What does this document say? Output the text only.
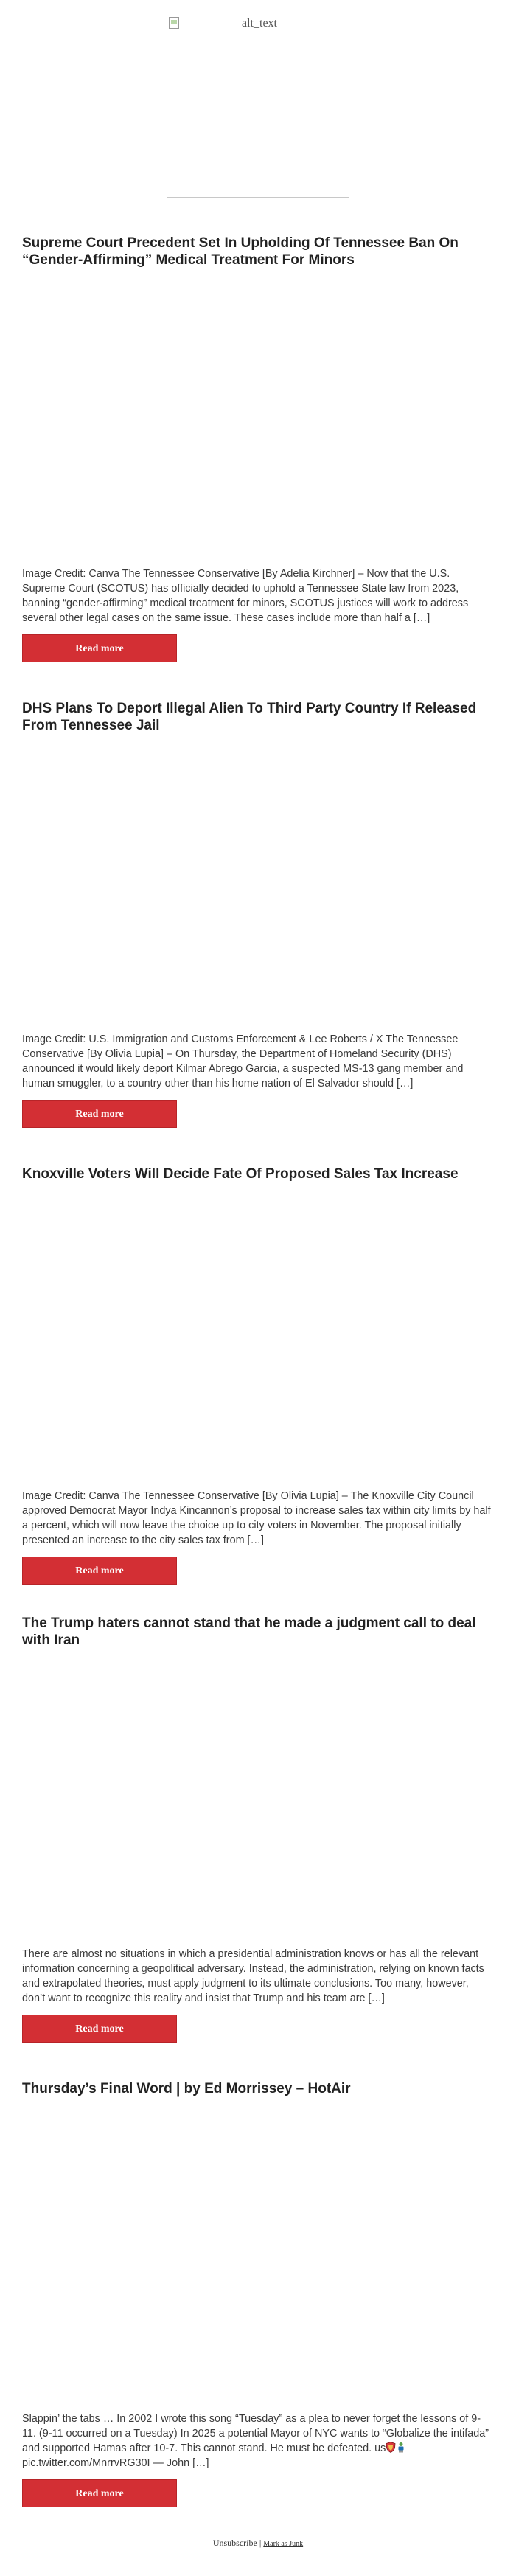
alt_text
Supreme Court Precedent Set In Upholding Of Tennessee Ban On “Gender-Affirming” Medical Treatment For Minors

Image Credit: Canva The Tennessee Conservative [By Adelia Kirchner] – Now that the U.S. Supreme Court (SCOTUS) has officially decided to uphold a Tennessee State law from 2023, banning “gender-affirming” medical treatment for minors, SCOTUS justices will work to address several other legal cases on the same issue. These cases include more than half a […]

Read more
DHS Plans To Deport Illegal Alien To Third Party Country If Released From Tennessee Jail

Image Credit: U.S. Immigration and Customs Enforcement & Lee Roberts / X The Tennessee Conservative [By Olivia Lupia] – On Thursday, the Department of Homeland Security (DHS) announced it would likely deport Kilmar Abrego Garcia, a suspected MS-13 gang member and human smuggler, to a country other than his home nation of El Salvador should […]

Read more
Knoxville Voters Will Decide Fate Of Proposed Sales Tax Increase

Image Credit: Canva The Tennessee Conservative [By Olivia Lupia] – The Knoxville City Council approved Democrat Mayor Indya Kincannon’s proposal to increase sales tax within city limits by half a percent, which will now leave the choice up to city voters in November. The proposal initially presented an increase to the city sales tax from […]

Read more
The Trump haters cannot stand that he made a judgment call to deal with Iran

There are almost no situations in which a presidential administration knows or has all the relevant information concerning a geopolitical adversary. Instead, the administration, relying on known facts and extrapolated theories, must apply judgment to its ultimate conclusions. Too many, however, don’t want to recognize this reality and insist that Trump and his team are […]

Read more
Thursday’s Final Word | by Ed Morrissey – HotAir

Slappin’ the tabs … In 2002 I wrote this song “Tuesday” as a plea to never forget the lessons of 9-11. (9-11 occurred on a Tuesday) In 2025 a potential Mayor of NYC wants to “Globalize the intifada” and supported Hamas after 10-7. This cannot stand. He must be defeated. us pic.twitter.com/MnrrvRG30I — John […]

Read more
Unsubscribe | Mark as Junk
